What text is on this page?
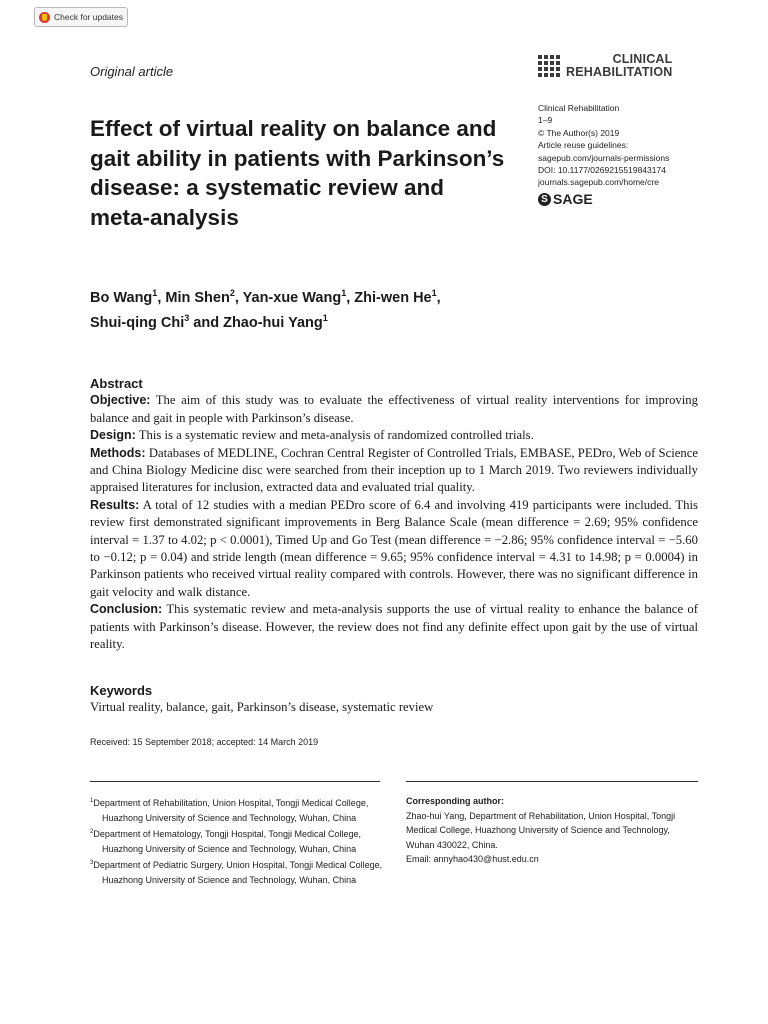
Check for updates
Original article
CLINICAL
REHABILITATION
Clinical Rehabilitation
1–9
© The Author(s) 2019
Article reuse guidelines:
sagepub.com/journals-permissions
DOI: 10.1177/0269215519843174
journals.sagepub.com/home/cre
S SAGE
Effect of virtual reality on balance and gait ability in patients with Parkinson’s disease: a systematic review and meta-analysis
Bo Wang$^1$, Min Shen$^2$, Yan-xue Wang$^1$, Zhi-wen He$^1$,
Shui-qing Chi$^3$ and Zhao-hui Yang$^1$
Abstract

Objective: The aim of this study was to evaluate the effectiveness of virtual reality interventions for improving balance and gait in people with Parkinson’s disease.

Design: This is a systematic review and meta-analysis of randomized controlled trials.

Methods: Databases of MEDLINE, Cochran Central Register of Controlled Trials, EMBASE, PEDro, Web of Science and China Biology Medicine disc were searched from their inception up to 1 March 2019. Two reviewers individually appraised literatures for inclusion, extracted data and evaluated trial quality.

Results: A total of 12 studies with a median PEDro score of 6.4 and involving 419 participants were included. This review first demonstrated significant improvements in Berg Balance Scale (mean difference = 2.69; 95% confidence interval = 1.37 to 4.02; p < 0.0001), Timed Up and Go Test (mean difference = −2.86; 95% confidence interval = −5.60 to −0.12; p = 0.04) and stride length (mean difference = 9.65; 95% confidence interval = 4.31 to 14.98; p = 0.0004) in Parkinson patients who received virtual reality compared with controls. However, there was no significant difference in gait velocity and walk distance.

Conclusion: This systematic review and meta-analysis supports the use of virtual reality to enhance the balance of patients with Parkinson’s disease. However, the review does not find any definite effect upon gait by the use of virtual reality.

Keywords
Virtual reality, balance, gait, Parkinson’s disease, systematic review
Received: 15 September 2018; accepted: 14 March 2019
$^1$Department of Rehabilitation, Union Hospital, Tongji Medical College, Huazhong University of Science and Technology, Wuhan, China
$^2$Department of Hematology, Tongji Hospital, Tongji Medical College, Huazhong University of Science and Technology, Wuhan, China
$^3$Department of Pediatric Surgery, Union Hospital, Tongji Medical College, Huazhong University of Science and Technology, Wuhan, China
Corresponding author:
Zhao-hui Yang, Department of Rehabilitation, Union Hospital, Tongji Medical College, Huazhong University of Science and Technology, Wuhan 430022, China.
Email: annyhao430@hust.edu.cn
